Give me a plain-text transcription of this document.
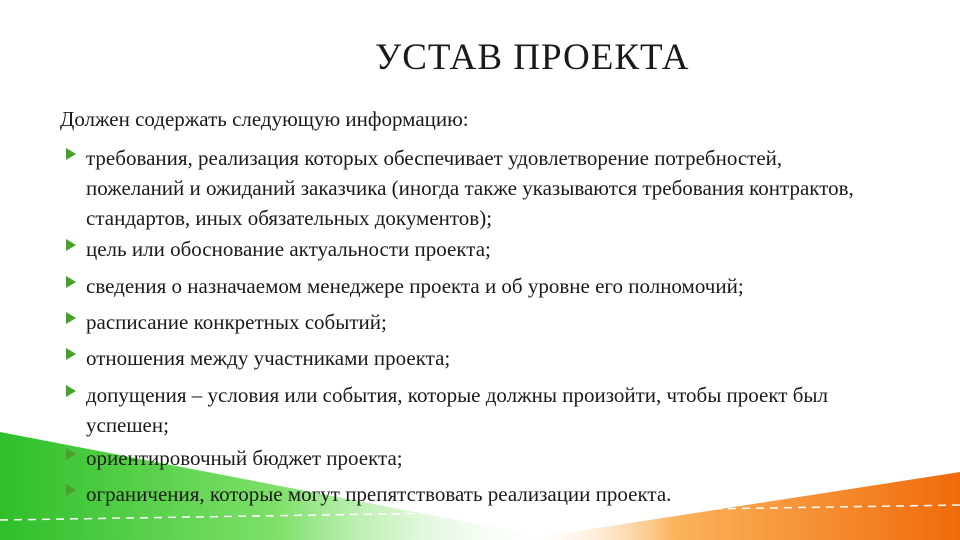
УСТАВ ПРОЕКТА
Должен содержать следующую информацию:
требования, реализация которых обеспечивает удовлетворение потребностей,
пожеланий и ожиданий заказчика (иногда также указываются требования контрактов,
стандартов, иных обязательных документов);
цель или обоснование актуальности проекта;
сведения о назначаемом менеджере проекта и об уровне его полномочий;
расписание конкретных событий;
отношения между участниками проекта;
допущения – условия или события, которые должны произойти, чтобы проект был
успешен;
ориентировочный бюджет проекта;
ограничения, которые могут препятствовать реализации проекта.
